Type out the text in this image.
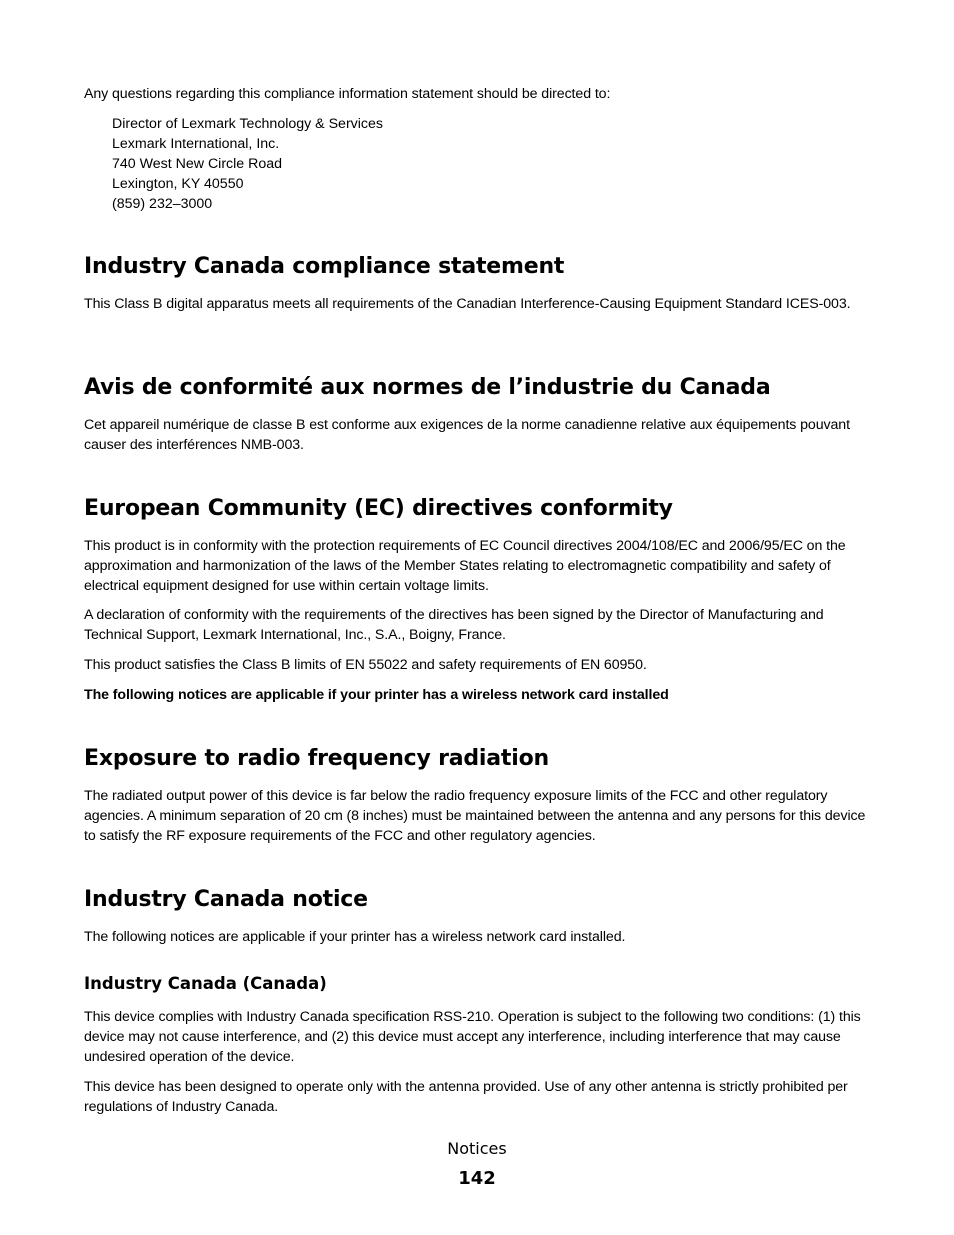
Any questions regarding this compliance information statement should be directed to:

Director of Lexmark Technology & Services
Lexmark International, Inc.
740 West New Circle Road
Lexington, KY 40550
(859) 232–3000
Industry Canada compliance statement

This Class B digital apparatus meets all requirements of the Canadian Interference-Causing Equipment Standard ICES-003.

Avis de conformité aux normes de l’industrie du Canada

Cet appareil numérique de classe B est conforme aux exigences de la norme canadienne relative aux équipements pouvant causer des interférences NMB-003.

European Community (EC) directives conformity

This product is in conformity with the protection requirements of EC Council directives 2004/108/EC and 2006/95/EC on the approximation and harmonization of the laws of the Member States relating to electromagnetic compatibility and safety of electrical equipment designed for use within certain voltage limits.

A declaration of conformity with the requirements of the directives has been signed by the Director of Manufacturing and Technical Support, Lexmark International, Inc., S.A., Boigny, France.

This product satisfies the Class B limits of EN 55022 and safety requirements of EN 60950.

The following notices are applicable if your printer has a wireless network card installed

Exposure to radio frequency radiation

The radiated output power of this device is far below the radio frequency exposure limits of the FCC and other regulatory agencies. A minimum separation of 20 cm (8 inches) must be maintained between the antenna and any persons for this device to satisfy the RF exposure requirements of the FCC and other regulatory agencies.

Industry Canada notice

The following notices are applicable if your printer has a wireless network card installed.

Industry Canada (Canada)

This device complies with Industry Canada specification RSS-210. Operation is subject to the following two conditions: (1) this device may not cause interference, and (2) this device must accept any interference, including interference that may cause undesired operation of the device.

This device has been designed to operate only with the antenna provided. Use of any other antenna is strictly prohibited per regulations of Industry Canada.

Notices
142
